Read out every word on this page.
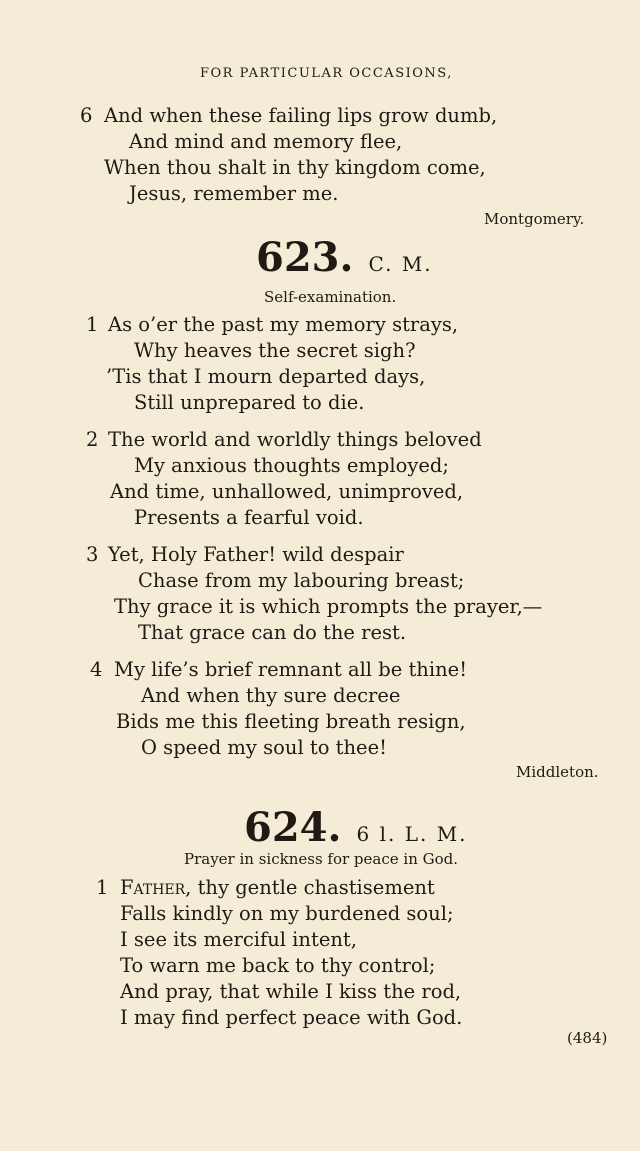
FOR PARTICULAR OCCASIONS,
6 And when these failing lips grow dumb,
And mind and memory flee,
When thou shalt in thy kingdom come,
Jesus, remember me.
Montgomery.
623. C. M.
Self-examination.
1 As o’er the past my memory strays,
Why heaves the secret sigh?
’Tis that I mourn departed days,
Still unprepared to die.
2 The world and worldly things beloved
My anxious thoughts employed;
And time, unhallowed, unimproved,
Presents a fearful void.
3 Yet, Holy Father! wild despair
Chase from my labouring breast;
Thy grace it is which prompts the prayer,—
That grace can do the rest.
4 My life’s brief remnant all be thine!
And when thy sure decree
Bids me this fleeting breath resign,
O speed my soul to thee!
Middleton.
624. 6 l. L. M.
Prayer in sickness for peace in God.
1 Father, thy gentle chastisement
Falls kindly on my burdened soul;
I see its merciful intent,
To warn me back to thy control;
And pray, that while I kiss the rod,
I may find perfect peace with God.
(484)
